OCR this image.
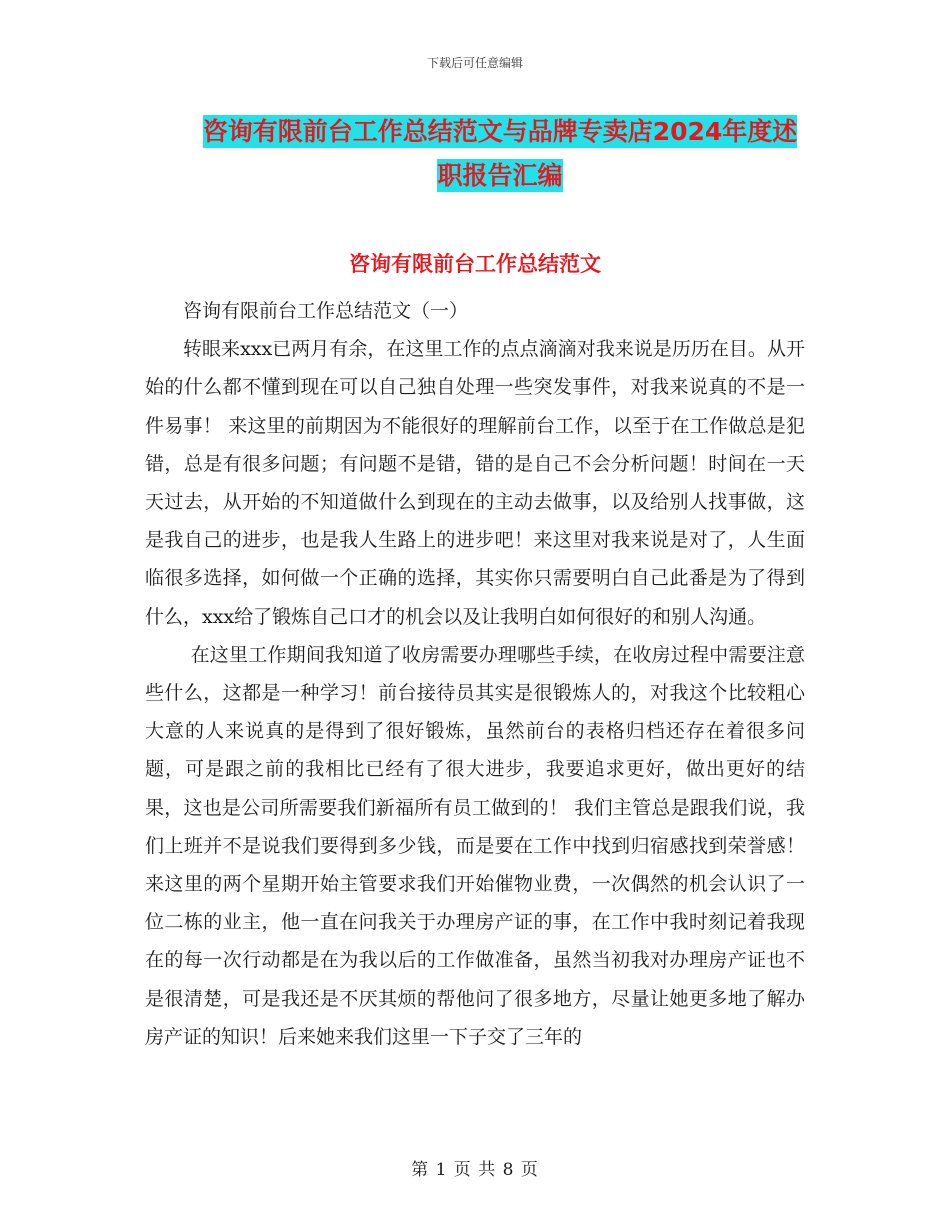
下载后可任意编辑
咨询有限前台工作总结范文与品牌专卖店2024年度述
职报告汇编
咨询有限前台工作总结范文

咨询有限前台工作总结范文（一）

转眼来xxx已两月有余，在这里工作的点点滴滴对我来说是历历在目。从开始的什么都不懂到现在可以自己独自处理一些突发事件，对我来说真的不是一件易事！ 来这里的前期因为不能很好的理解前台工作，以至于在工作做总是犯错，总是有很多问题；有问题不是错，错的是自己不会分析问题！时间在一天天过去，从开始的不知道做什么到现在的主动去做事，以及给别人找事做，这是我自己的进步，也是我人生路上的进步吧！来这里对我来说是对了，人生面临很多选择，如何做一个正确的选择，其实你只需要明白自己此番是为了得到什么，xxx给了锻炼自己口才的机会以及让我明白如何很好的和别人沟通。

在这里工作期间我知道了收房需要办理哪些手续，在收房过程中需要注意些什么，这都是一种学习！前台接待员其实是很锻炼人的，对我这个比较粗心大意的人来说真的是得到了很好锻炼，虽然前台的表格归档还存在着很多问题，可是跟之前的我相比已经有了很大进步，我要追求更好，做出更好的结果，这也是公司所需要我们新福所有员工做到的！ 我们主管总是跟我们说，我们上班并不是说我们要得到多少钱，而是要在工作中找到归宿感找到荣誉感！ 来这里的两个星期开始主管要求我们开始催物业费，一次偶然的机会认识了一位二栋的业主，他一直在问我关于办理房产证的事，在工作中我时刻记着我现在的每一次行动都是在为我以后的工作做准备，虽然当初我对办理房产证也不是很清楚，可是我还是不厌其烦的帮他问了很多地方，尽量让她更多地了解办房产证的知识！后来她来我们这里一下子交了三年的

第 1 页 共 8 页
